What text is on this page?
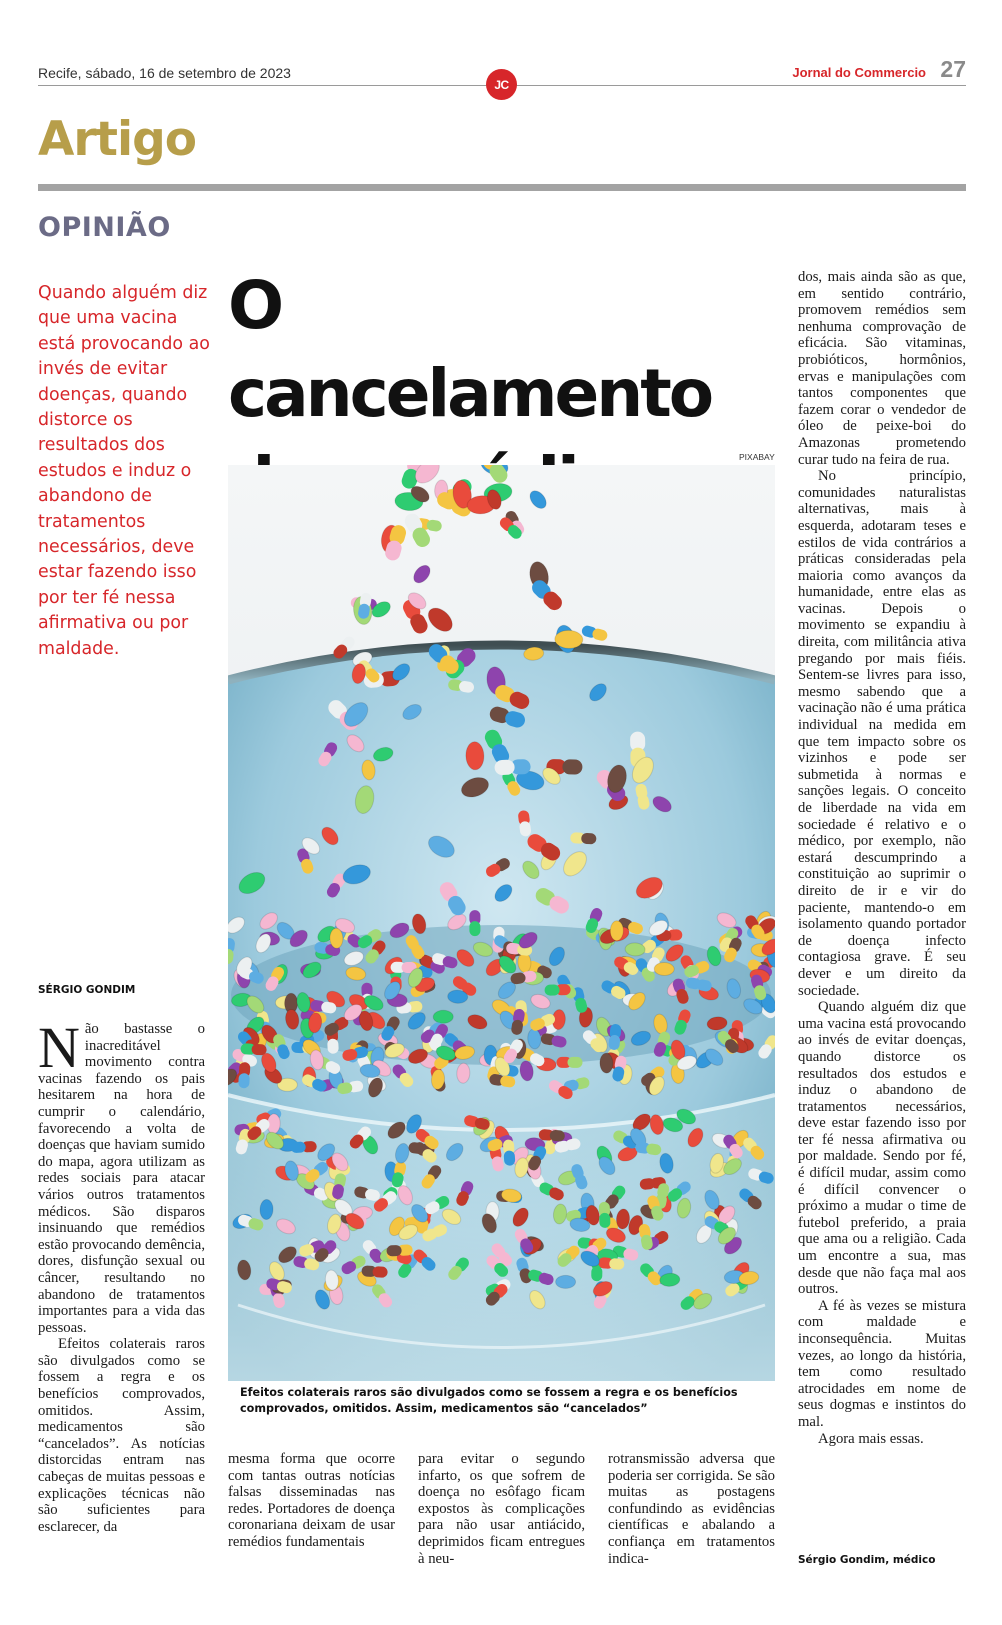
Recife, sábado, 16 de setembro de 2023
JC
Jornal do Commercio 27
Artigo
OPINIÃO

Quando alguém diz que uma vacina está provocando ao invés de evitar doenças, quando distorce os resultados dos estudos e induz o abandono de tratamentos necessários, deve estar fazendo isso por ter fé nessa afirmativa ou por maldade.

O cancelamento
PIXABAY

Efeitos colaterais raros são divulgados como se fossem a regra e os benefícios comprovados, omitidos. Assim, medicamentos são “cancelados”

SÉRGIO GONDIM

Não bastasse o inacreditável movimento contra vacinas fazendo os pais hesitarem na hora de cumprir o calendário, favorecendo a volta de doenças que haviam sumido do mapa, agora utilizam as redes sociais para atacar vários outros tratamentos médicos. São disparos insinuando que remédios estão provocando demência, dores, disfunção sexual ou câncer, resultando no abandono de tratamentos importantes para a vida das pessoas.

Efeitos colaterais raros são divulgados como se fossem a regra e os benefícios comprovados, omitidos. Assim, medicamentos são “cancelados”. As notícias distorcidas entram nas cabeças de muitas pessoas e explicações técnicas não são suficientes para esclarecer, da

mesma forma que ocorre com tantas outras notícias falsas disseminadas nas redes. Portadores de doença coronariana deixam de usar remédios fundamentais

para evitar o segundo infarto, os que sofrem de doença no esôfago ficam expostos às complicações para não usar antiácido, deprimidos ficam entregues à neu-

rotransmissão adversa que poderia ser corrigida. Se são muitas as postagens confundindo as evidências científicas e abalando a confiança em tratamentos indica-

dos, mais ainda são as que, em sentido contrário, promovem remédios sem nenhuma comprovação de eficácia. São vitaminas, probióticos, hormônios, ervas e manipulações com tantos componentes que fazem corar o vendedor de óleo de peixe-boi do Amazonas prometendo curar tudo na feira de rua.

No princípio, comunidades naturalistas alternativas, mais à esquerda, adotaram teses e estilos de vida contrários a práticas consideradas pela maioria como avanços da humanidade, entre elas as vacinas. Depois o movimento se expandiu à direita, com militância ativa pregando por mais fiéis. Sentem-se livres para isso, mesmo sabendo que a vacinação não é uma prática individual na medida em que tem impacto sobre os vizinhos e pode ser submetida à normas e sanções legais. O conceito de liberdade na vida em sociedade é relativo e o médico, por exemplo, não estará descumprindo a constituição ao suprimir o direito de ir e vir do paciente, mantendo-o em isolamento quando portador de doença infecto contagiosa grave. É seu dever e um direito da sociedade.

Quando alguém diz que uma vacina está provocando ao invés de evitar doenças, quando distorce os resultados dos estudos e induz o abandono de tratamentos necessários, deve estar fazendo isso por ter fé nessa afirmativa ou por maldade. Sendo por fé, é difícil mudar, assim como é difícil convencer o próximo a mudar o time de futebol preferido, a praia que ama ou a religião. Cada um encontre a sua, mas desde que não faça mal aos outros.

A fé às vezes se mistura com maldade e inconsequência. Muitas vezes, ao longo da história, tem como resultado atrocidades em nome de seus dogmas e instintos do mal.

Agora mais essas.

Sérgio Gondim, médico
